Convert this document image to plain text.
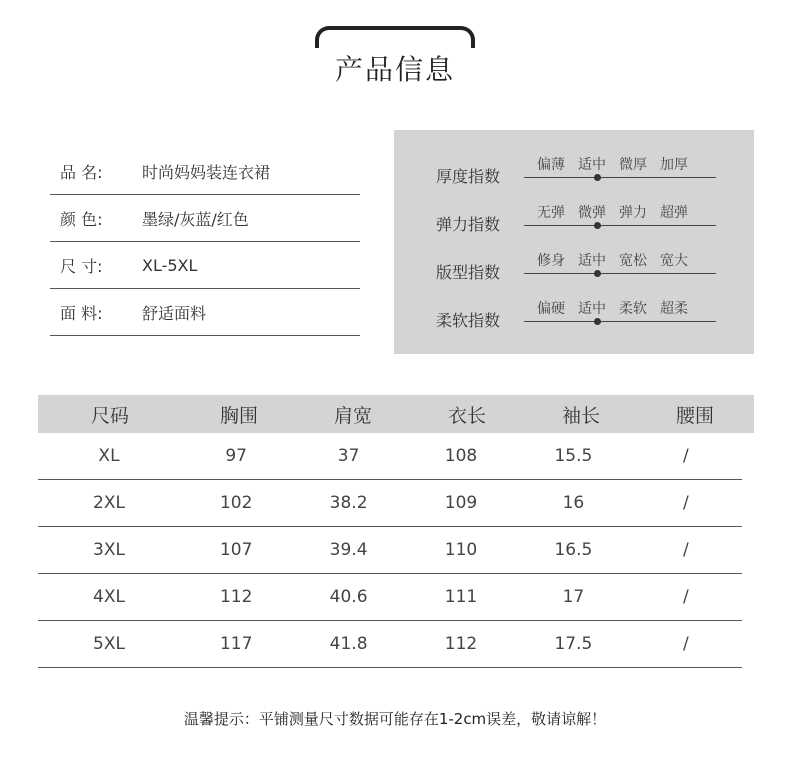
产品信息
品 名:	时尚妈妈装连衣裙
颜 色:	墨绿/灰蓝/红色
尺 寸:	XL-5XL
面 料:	舒适面料
厚度指数
偏薄 适中 微厚 加厚
弹力指数
无弹 微弹 弹力 超弹
版型指数
修身 适中 宽松 宽大
柔软指数
偏硬 适中 柔软 超柔
尺码	胸围	肩宽	衣长	袖长	腰围
XL	97	37	108	15.5	/
2XL	102	38.2	109	16	/
3XL	107	39.4	110	16.5	/
4XL	112	40.6	111	17	/
5XL	117	41.8	112	17.5	/
温馨提示：平铺测量尺寸数据可能存在1-2cm误差，敬请谅解！
